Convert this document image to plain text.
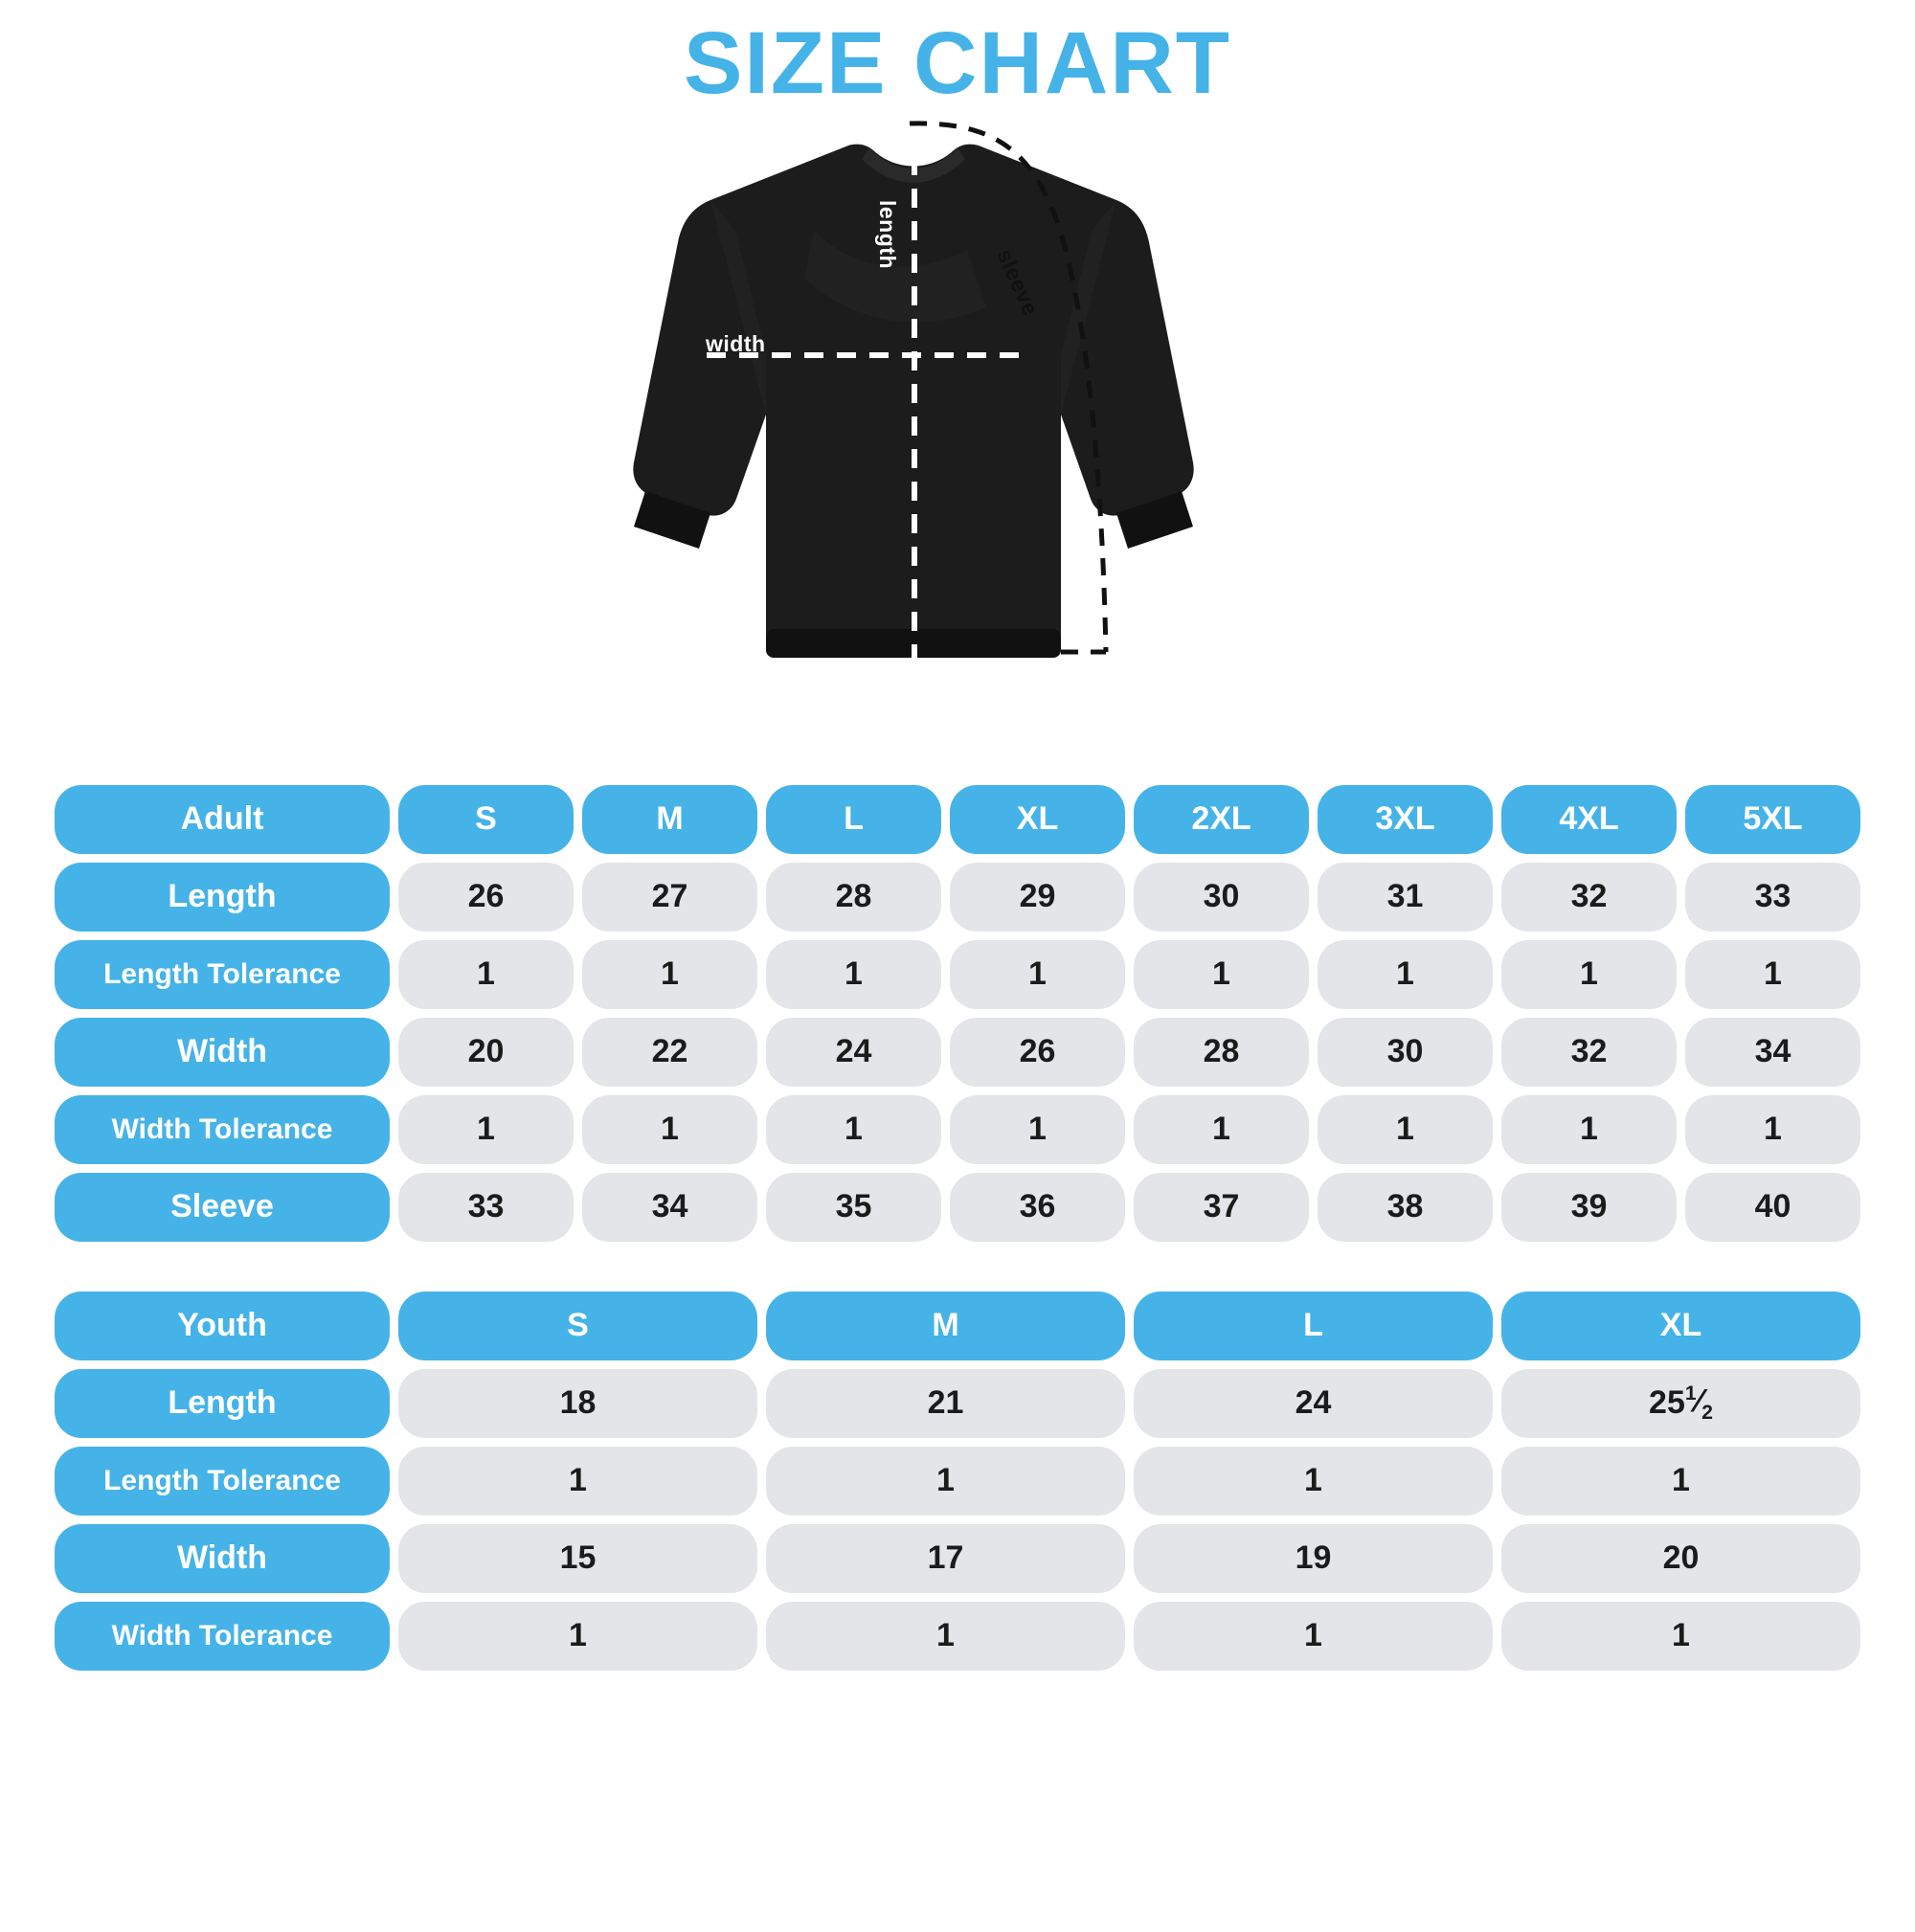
SIZE CHART
length
width
sleeve
Adult	S	M	L	XL	2XL	3XL	4XL	5XL

Length	26	27	28	29	30	31	32	33

Length Tolerance	1	1	1	1	1	1	1	1

Width	20	22	24	26	28	30	32	34

Width Tolerance	1	1	1	1	1	1	1	1

Sleeve	33	34	35	36	37	38	39	40
Youth	S	M	L	XL

Length	18	21	24	25 $^1⁄_2$

Length Tolerance	1	1	1	1

Width	15	17	19	20

Width Tolerance	1	1	1	1
